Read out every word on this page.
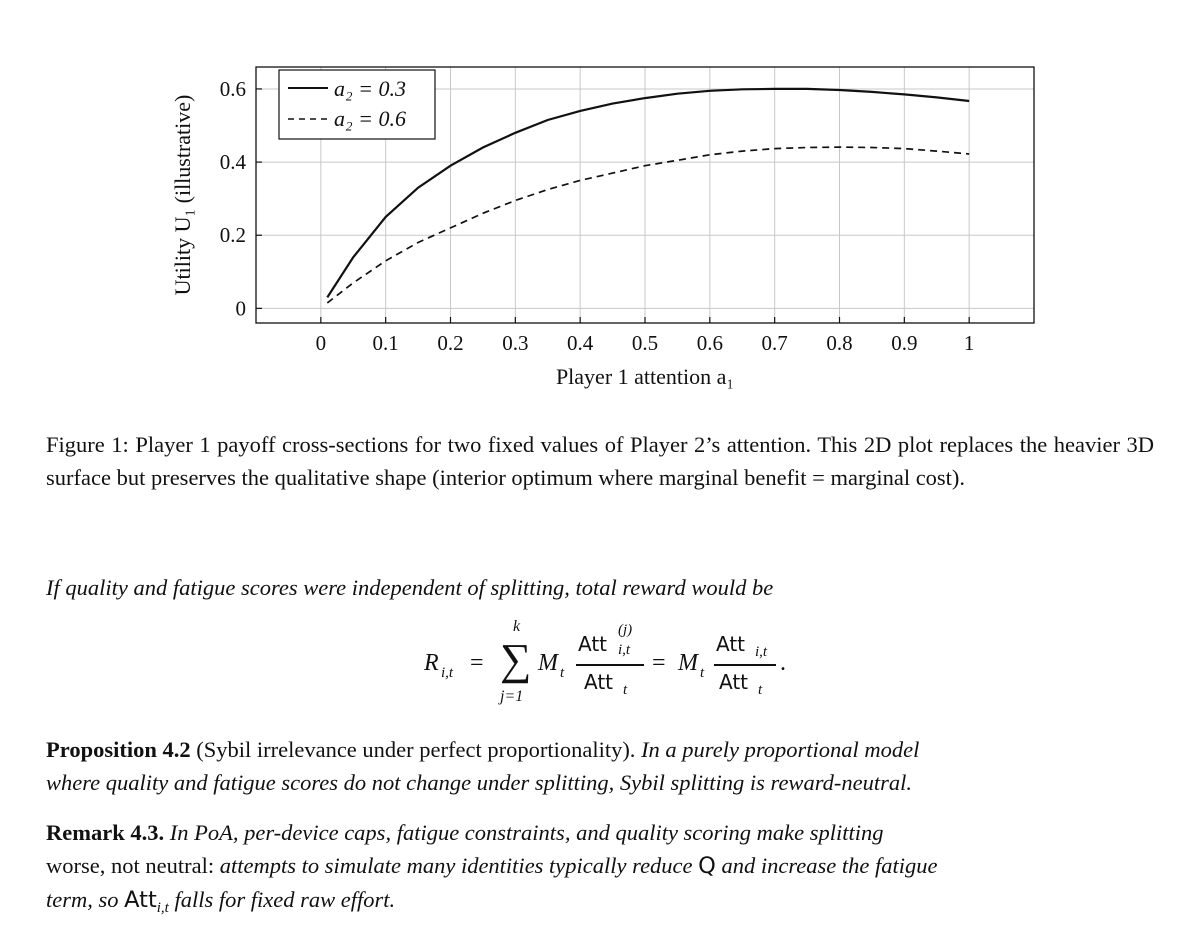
0 0.1 0.2 0.3 0.4 0.5 0.6 0.7 0.8 0.9 1
0
0.2
0.4
0.6	a₂ = 0.3
a₂ = 0.6
Player 1 attention a₁
Utility U₁ (illustrative)
Figure 1: Player 1 payoff cross-sections for two fixed values of Player 2’s attention. This 2D plot replaces the heavier 3D surface but preserves the qualitative shape (interior optimum where marginal benefit = marginal cost).
If quality and fatigue scores were independent of splitting, total reward would be
R i,t =
k
∑
j=1
M t
Att
(j)
i,t
Att t
= M t
Att i,t
Att t
.
Proposition 4.2 (Sybil irrelevance under perfect proportionality). In a purely proportional model
where quality and fatigue scores do not change under splitting, Sybil splitting is reward-neutral.
Remark 4.3. In PoA, per-device caps, fatigue constraints, and quality scoring make splitting
worse, not neutral: attempts to simulate many identities typically reduce Q and increase the fatigue
term, so Att$_{i,t}$ falls for fixed raw effort.
